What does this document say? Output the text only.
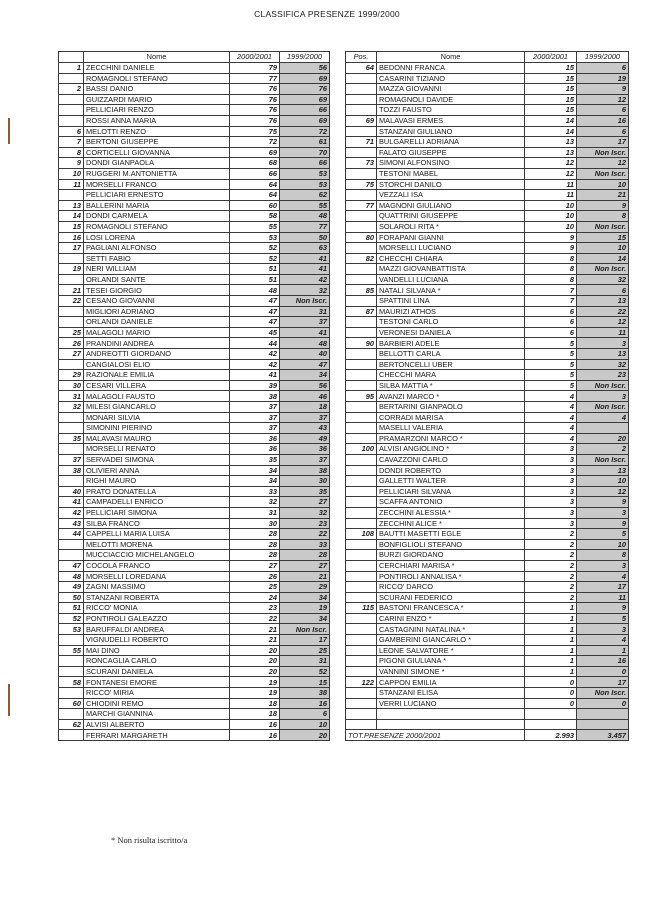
CLASSIFICA PRESENZE 1999/2000
	Nome	2000/2001	1999/2000
1	ZECCHINI DANIELE	79	56
	ROMAGNOLI STEFANO	77	69
2	BASSI DANIO	76	76
	GUIZZARDI MARIO	76	69
	PELLICIARI RENZO	76	66
	ROSSI ANNA MARIA	76	69
6	MELOTTI RENZO	75	72
7	BERTONI GIUSEPPE	72	61
8	CORTICELLI GIOVANNA	69	70
9	DONDI GIANPAOLA	68	66
10	RUGGERI M.ANTONIETTA	66	53
11	MORSELLI FRANCO	64	53
	PELLICIARI ERNESTO	64	62
13	BALLERINI MARIA	60	55
14	DONDI CARMELA	58	48
15	ROMAGNOLI STEFANO	55	77
16	LOSI LORENA	53	50
17	PAGLIANI ALFONSO	52	63
	SETTI FABIO	52	41
19	NERI WILLIAM	51	41
	ORLANDI SANTE	51	42
21	TESEI GIORGIO	48	32
22	CESANO GIOVANNI	47	Non Iscr.
	MIGLIORI ADRIANO	47	31
	ORLANDI DANIELE	47	37
25	MALAGOLI MARIO	45	41
26	PRANDINI ANDREA	44	48
27	ANDREOTTI GIORDANO	42	40
	CANGIALOSI ELIO	42	47
29	RAZIONALE EMILIA	41	34
30	CESARI VILLERA	39	56
31	MALAGOLI FAUSTO	38	46
32	MILESI GIANCARLO	37	18
	MONARI SILVIA	37	37
	SIMONINI PIERINO	37	43
35	MALAVASI MAURO	36	49
	MORSELLI RENATO	36	36
37	SERVADEI SIMONA	35	37
38	OLIVIERI ANNA	34	38
	RIGHI MAURO	34	30
40	PRATO DONATELLA	33	35
41	CAMPADELLI ENRICO	32	27
42	PELLICIARI SIMONA	31	32
43	SILBA FRANCO	30	23
44	CAPPELLI MARIA LUISA	28	22
	MELOTTI MORENA	28	33
	MUCCIACCIO MICHELANGELO	28	28
47	COCOLA FRANCO	27	27
48	MORSELLI LOREDANA	26	21
49	ZAGNI MASSIMO	25	29
50	STANZANI ROBERTA	24	34
51	RICCO' MONIA	23	19
52	PONTIROLI GALEAZZO	22	34
53	BARUFFALDI ANDREA	21	Non Iscr.
	VIGNUDELLI ROBERTO	21	17
55	MAI DINO	20	25
	RONCAGLIA CARLO	20	31
	SCURANI DANIELA	20	52
58	FONTANESI EMORE	19	15
	RICCO' MIRIA	19	38
60	CHIODINI REMO	18	16
	MARCHI GIANNINA	18	6
62	ALVISI ALBERTO	16	10
	FERRARI MARGARETH	16	20
Pos.	Nome	2000/2001	1999/2000
64	BEDONNI FRANCA	15	6
	CASARINI TIZIANO	15	19
	MAZZA GIOVANNI	15	9
	ROMAGNOLI DAVIDE	15	12
	TOZZI FAUSTO	15	6
69	MALAVASI ERMES	14	16
	STANZANI GIULIANO	14	6
71	BULGARELLI ADRIANA	13	17
	FALATO GIUSEPPE	13	Non Iscr.
73	SIMONI ALFONSINO	12	12
	TESTONI MABEL	12	Non Iscr.
75	STORCHI DANILO	11	10
	VEZZALI ISA	11	21
77	MAGNONI GIULIANO	10	9
	QUATTRINI GIUSEPPE	10	8
	SOLAROLI RITA *	10	Non Iscr.
80	FORAPANI GIANNI	9	15
	MORSELLI LUCIANO	9	10
82	CHECCHI CHIARA	8	14
	MAZZI GIOVANBATTISTA	8	Non Iscr.
	VANDELLI LUCIANA	8	32
85	NATALI SILVANA *	7	6
	SPATTINI LINA	7	13
87	MAURIZI ATHOS	6	22
	TESTONI CARLO	6	12
	VERONESI DANIELA	6	11
90	BARBIERI ADELE	5	3
	BELLOTTI CARLA	5	13
	BERTONCELLI UBER	5	32
	CHECCHI MARA	5	23
	SILBA MATTIA *	5	Non Iscr.
95	AVANZI MARCO *	4	3
	BERTARINI GIANPAOLO	4	Non Iscr.
	CORRADI MARISA	4	4
	MASELLI VALERIA	4	
	PRAMARZONI MARCO *	4	20
100	ALVISI ANGIOLINO *	3	2
	CAVAZZONI CARLO	3	Non Iscr.
	DONDI ROBERTO	3	13
	GALLETTI WALTER	3	10
	PELLICIARI SILVANA	3	12
	SCAFFA ANTONIO	3	9
	ZECCHINI ALESSIA *	3	3
	ZECCHINI ALICE *	3	9
108	BAUTTI MASETTI EGLE	2	5
	BONFIGLIOLI STEFANO	2	10
	BURZI GIORDANO	2	8
	CERCHIARI MARISA *	2	3
	PONTIROLI ANNALISA *	2	4
	RICCO' DARCO	2	17
	SCURANI FEDERICO	2	11
115	BASTONI FRANCESCA *	1	9
	CARINI ENZO *	1	5
	CASTAGNINI NATALINA *	1	3
	GAMBERINI GIANCARLO *	1	4
	LEONE SALVATORE *	1	1
	PIGONI GIULIANA *	1	16
	VANNINI SIMONE *	1	0
122	CAPPON EMILIA	0	17
	STANZANI ELISA	0	Non Iscr.
	VERRI LUCIANO	0	0

TOT.PRESENZE 2000/2001		2.993	3.457
* Non risulta iscritto/a
